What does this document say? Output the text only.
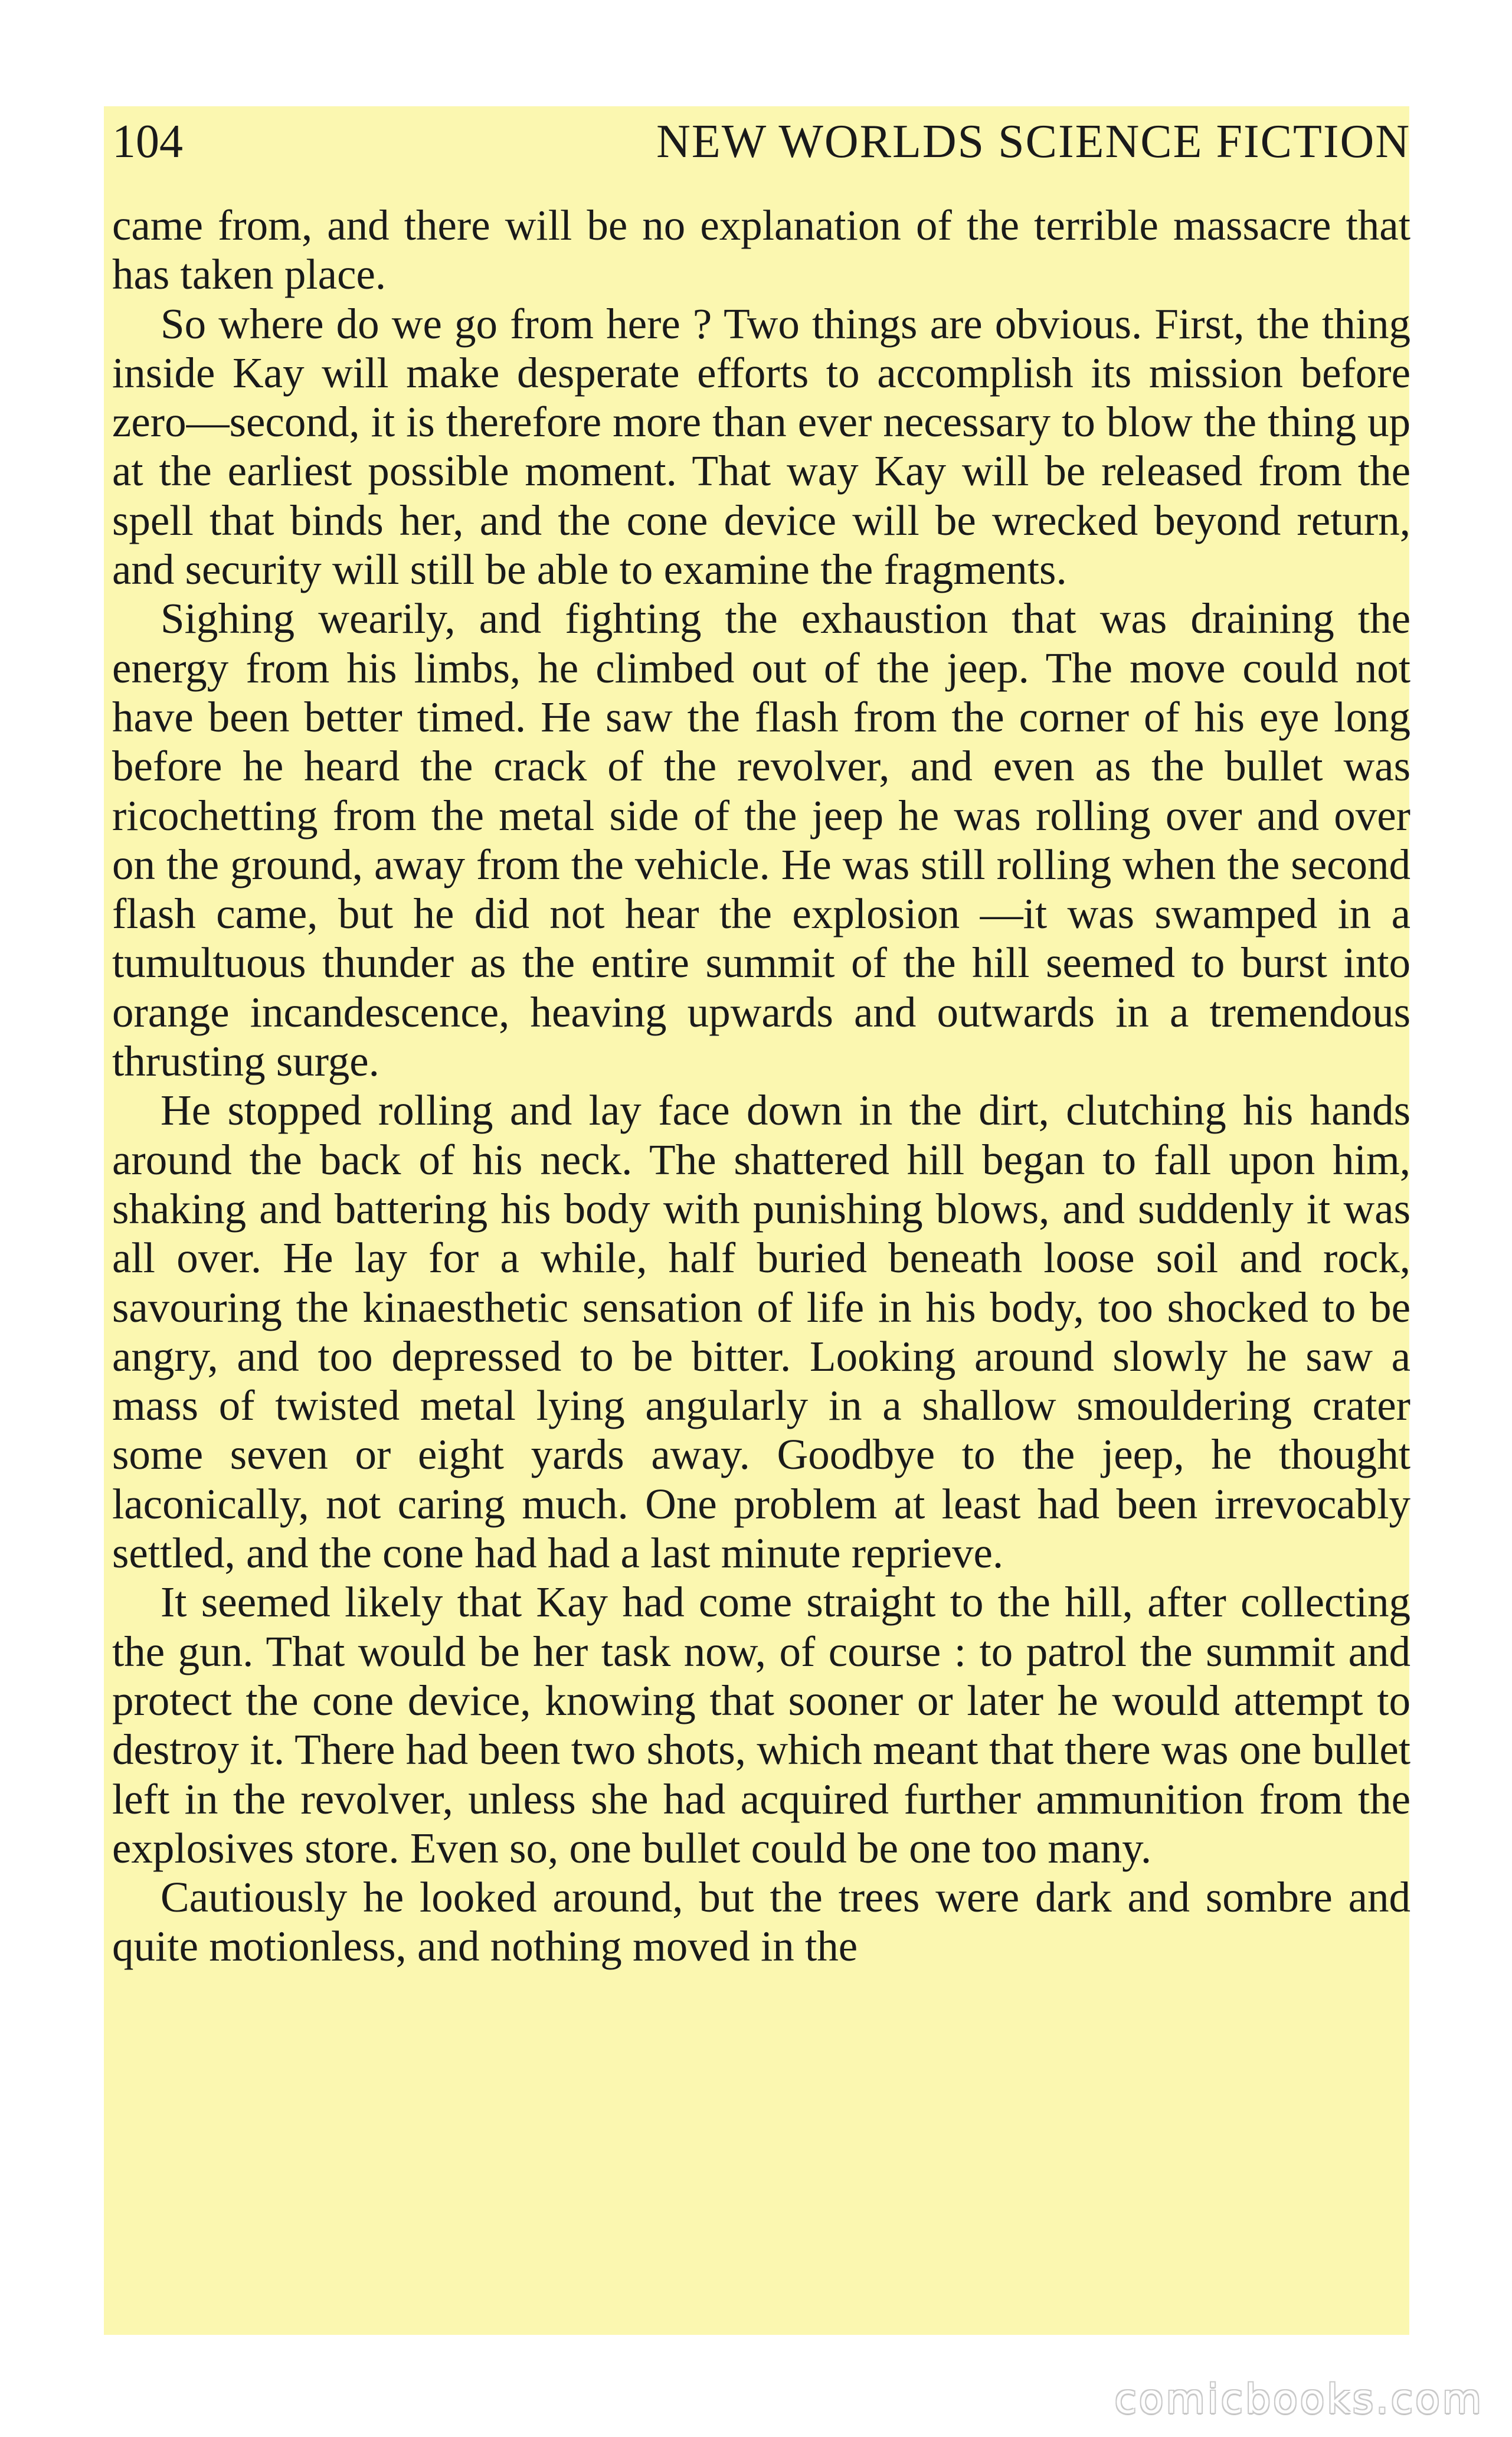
104	NEW WORLDS SCIENCE FICTION

came from, and there will be no explanation of the terrible massacre that has taken place.

So where do we go from here ? Two things are obvious. First, the thing inside Kay will make desperate efforts to accomplish its mission before zero—second, it is therefore more than ever necessary to blow the thing up at the earliest possible moment. That way Kay will be released from the spell that binds her, and the cone device will be wrecked beyond return, and security will still be able to examine the fragments.

Sighing wearily, and fighting the exhaustion that was draining the energy from his limbs, he climbed out of the jeep. The move could not have been better timed. He saw the flash from the corner of his eye long before he heard the crack of the revolver, and even as the bullet was ricochetting from the metal side of the jeep he was rolling over and over on the ground, away from the vehicle. He was still rolling when the second flash came, but he did not hear the explosion —it was swamped in a tumultuous thunder as the entire summit of the hill seemed to burst into orange incandescence, heaving upwards and outwards in a tremendous thrusting surge.

He stopped rolling and lay face down in the dirt, clutching his hands around the back of his neck. The shattered hill began to fall upon him, shaking and battering his body with punishing blows, and suddenly it was all over. He lay for a while, half buried beneath loose soil and rock, savouring the kinaesthetic sensation of life in his body, too shocked to be angry, and too depressed to be bitter. Looking around slowly he saw a mass of twisted metal lying angularly in a shallow smouldering crater some seven or eight yards away. Goodbye to the jeep, he thought laconically, not caring much. One problem at least had been irrevocably settled, and the cone had had a last minute reprieve.

It seemed likely that Kay had come straight to the hill, after collecting the gun. That would be her task now, of course : to patrol the summit and protect the cone device, knowing that sooner or later he would attempt to destroy it. There had been two shots, which meant that there was one bullet left in the revolver, unless she had acquired further ammunition from the explosives store. Even so, one bullet could be one too many.

Cautiously he looked around, but the trees were dark and sombre and quite motionless, and nothing moved in the

comicbooks.com
